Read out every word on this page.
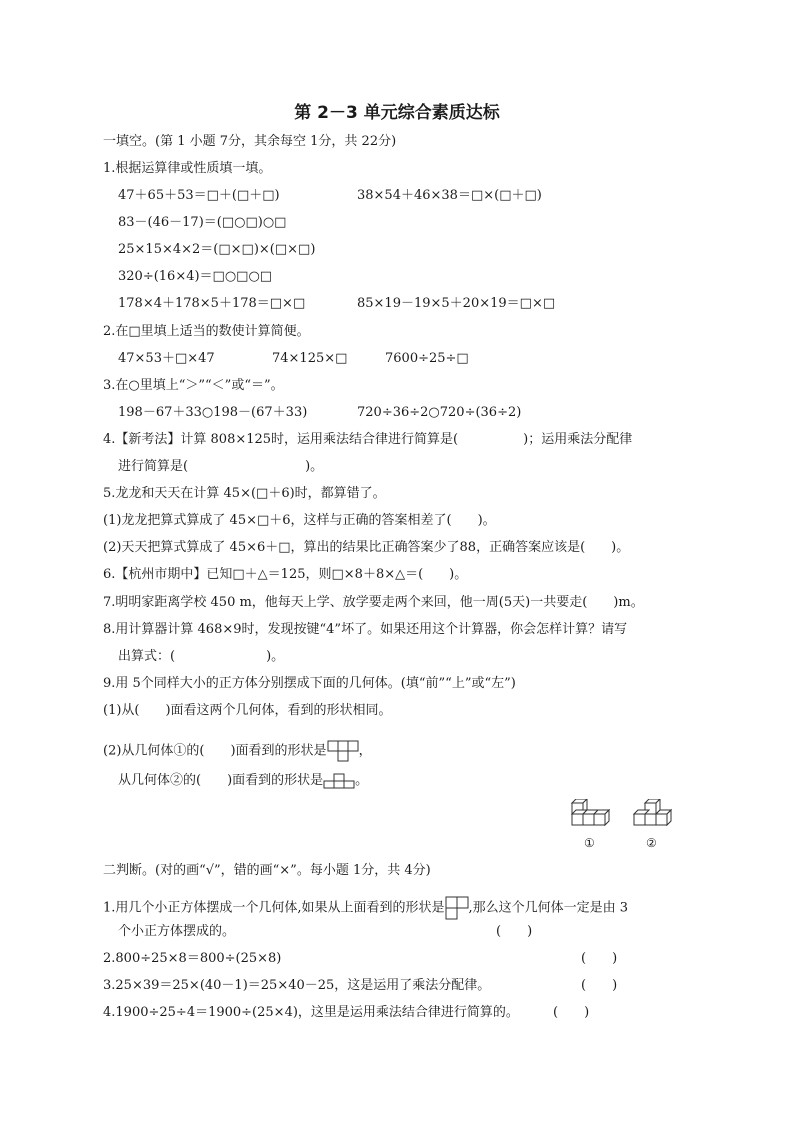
第 2－3 单元综合素质达标
一填空。(第 1 小题 7分，其余每空 1分，共 22分)
1.根据运算律或性质填一填。
47＋65＋53＝□＋(□＋□)	38×54＋46×38＝□×(□＋□)
83－(46－17)＝(□○□)○□
25×15×4×2＝(□×□)×(□×□)
320÷(16×4)＝□○□○□
178×4＋178×5＋178＝□×□	85×19－19×5＋20×19＝□×□
2.在□里填上适当的数使计算简便。
47×53＋□×47	74×125×□	7600÷25÷□
3.在○里填上“＞”“＜”或“＝”。
198－67＋33○198－(67＋33)	720÷36÷2○720÷(36÷2)
4.【新考法】计算 808×125时，运用乘法结合律进行简算是(　　　　　)；运用乘法分配律
进行简算是(　　　　　　　　　)。
5.龙龙和天天在计算 45×(□＋6)时，都算错了。
(1)龙龙把算式算成了 45×□＋6，这样与正确的答案相差了(　　)。
(2)天天把算式算成了 45×6＋□，算出的结果比正确答案少了88，正确答案应该是(　　)。
6.【杭州市期中】已知□＋△＝125，则□×8＋8×△＝(　　)。
7.明明家距离学校 450 m，他每天上学、放学要走两个来回，他一周(5天)一共要走(　　)m。
8.用计算器计算 468×9时，发现按键“4”坏了。如果还用这个计算器，你会怎样计算？请写
出算式：(　　　　　　　)。
9.用 5个同样大小的正方体分别摆成下面的几何体。(填“前”“上”或“左”)
(1)从(　　)面看这两个几何体，看到的形状相同。
(2)从几何体①的(　　)面看到的形状是 ，
从几何体②的(　　)面看到的形状是 。
①	②
二判断。(对的画“√”，错的画“×”。每小题 1分，共 4分)
1.用几个小正方体摆成一个几何体,如果从上面看到的形状是 ,那么这个几何体一定是由 3
个小正方体摆成的。	(　　)
2.800÷25×8＝800÷(25×8)	(　　)
3.25×39＝25×(40－1)＝25×40－25，这是运用了乘法分配律。	(　　)
4.1900÷25÷4＝1900÷(25×4)，这里是运用乘法结合律进行简算的。	(　　)
